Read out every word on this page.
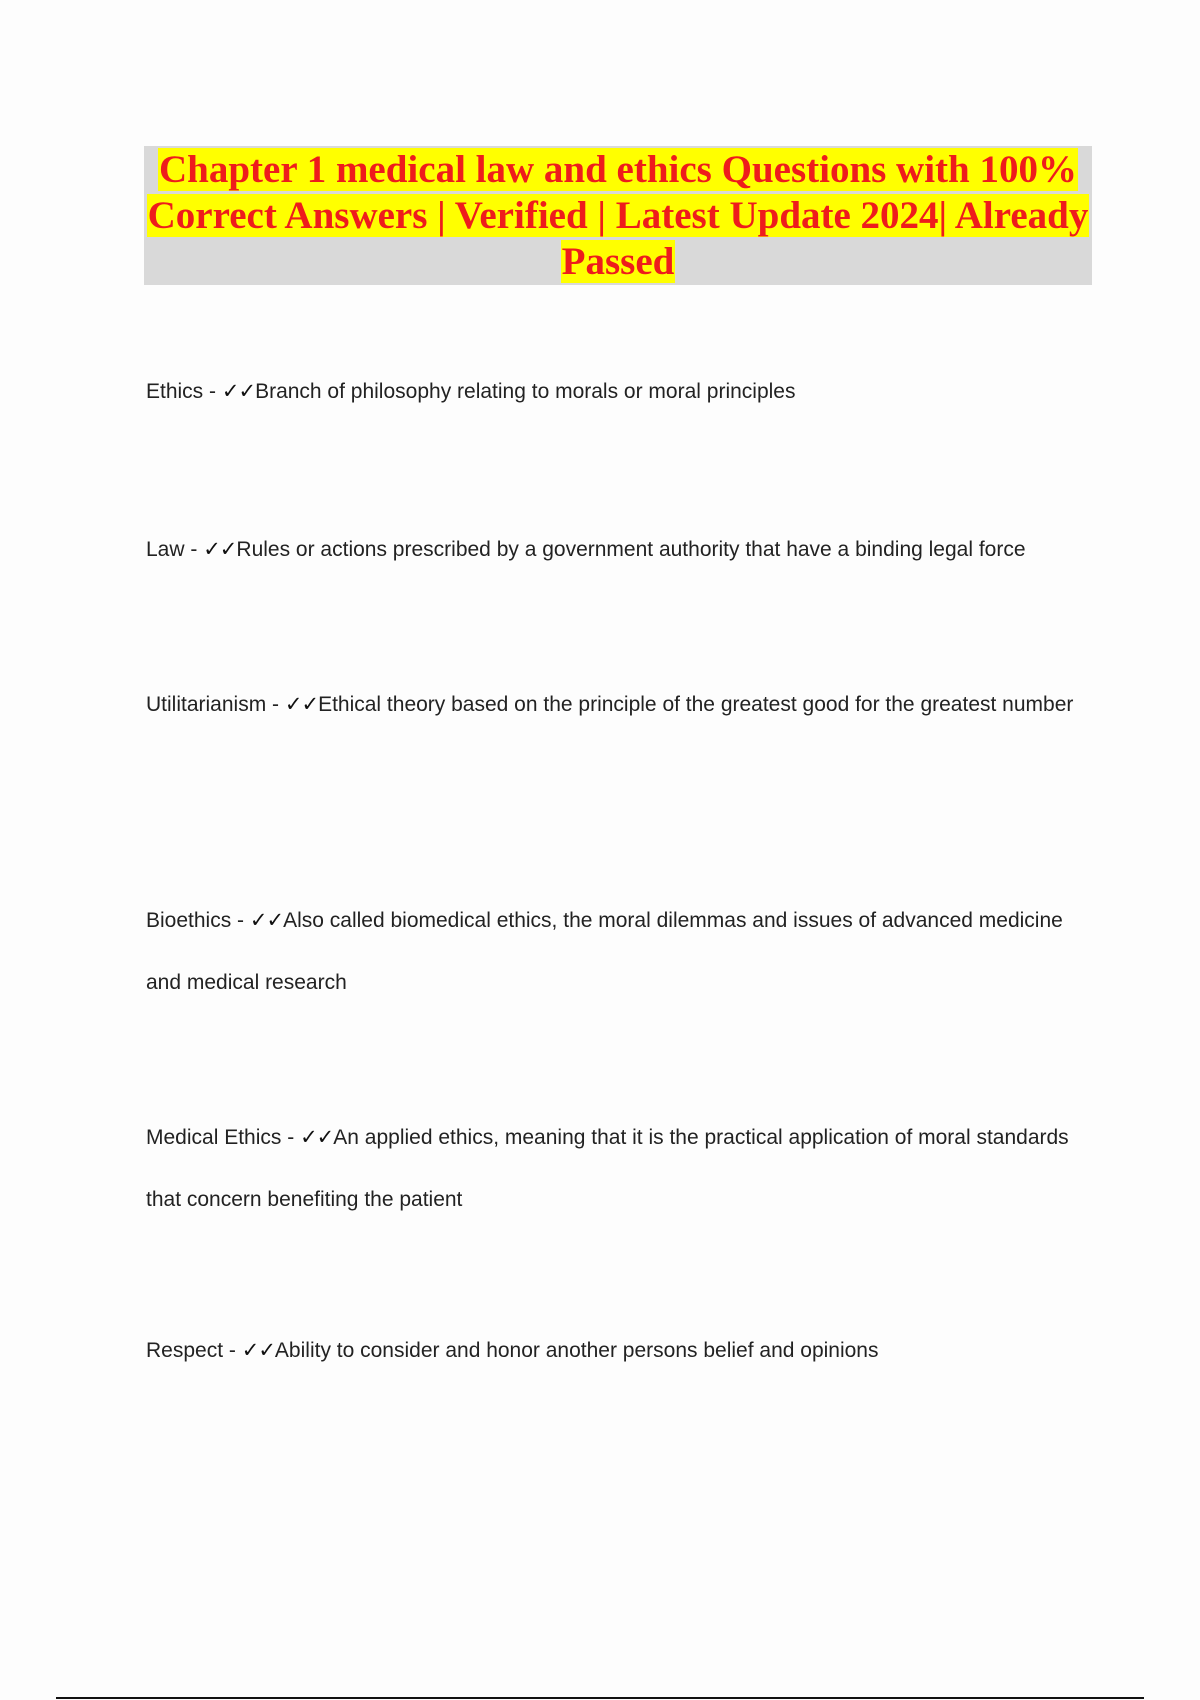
Chapter 1 medical law and ethics Questions with 100% Correct Answers | Verified | Latest Update 2024| Already Passed

Ethics - ✓✓Branch of philosophy relating to morals or moral principles

Law - ✓✓Rules or actions prescribed by a government authority that have a binding legal force

Utilitarianism - ✓✓Ethical theory based on the principle of the greatest good for the greatest number

Bioethics - ✓✓Also called biomedical ethics, the moral dilemmas and issues of advanced medicine and medical research

Medical Ethics - ✓✓An applied ethics, meaning that it is the practical application of moral standards that concern benefiting the patient

Respect - ✓✓Ability to consider and honor another persons belief and opinions
